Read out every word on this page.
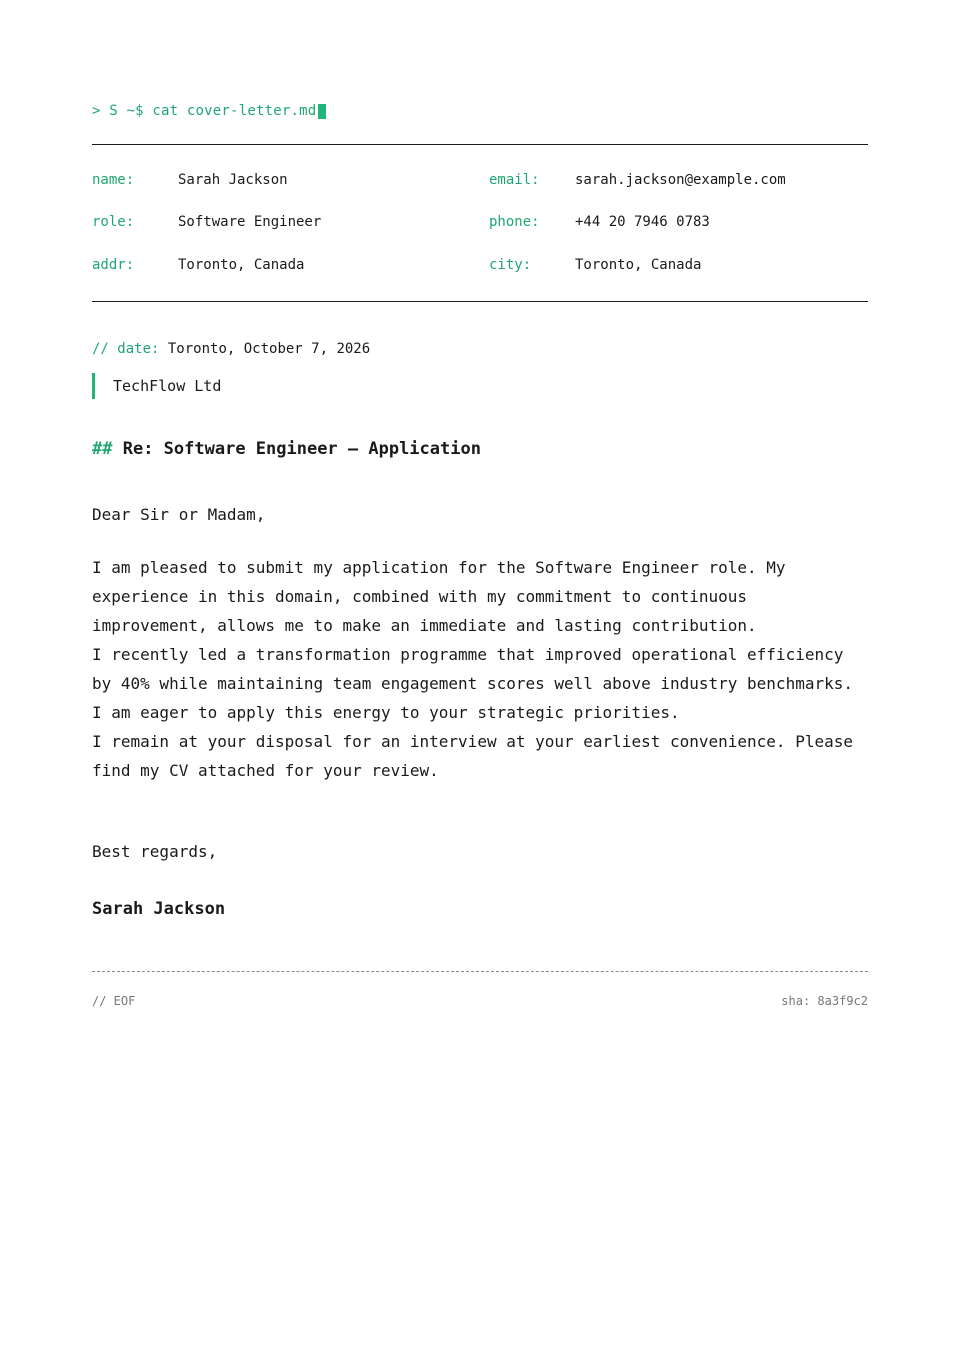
> S ~$ cat cover-letter.md
name:	Sarah Jackson	email:	sarah.jackson@example.com
role:	Software Engineer	phone:	+44 20 7946 0783
addr:	Toronto, Canada	city:	Toronto, Canada
// date: Toronto, October 7, 2026
TechFlow Ltd
## Re: Software Engineer — Application
Dear Sir or Madam,

I am pleased to submit my application for the Software Engineer role. My experience in this domain, combined with my commitment to continuous improvement, allows me to make an immediate and lasting contribution.

I recently led a transformation programme that improved operational efficiency by 40% while maintaining team engagement scores well above industry benchmarks. I am eager to apply this energy to your strategic priorities.

I remain at your disposal for an interview at your earliest convenience. Please find my CV attached for your review.

Best regards,
Sarah Jackson
// EOF	sha: 8a3f9c2
